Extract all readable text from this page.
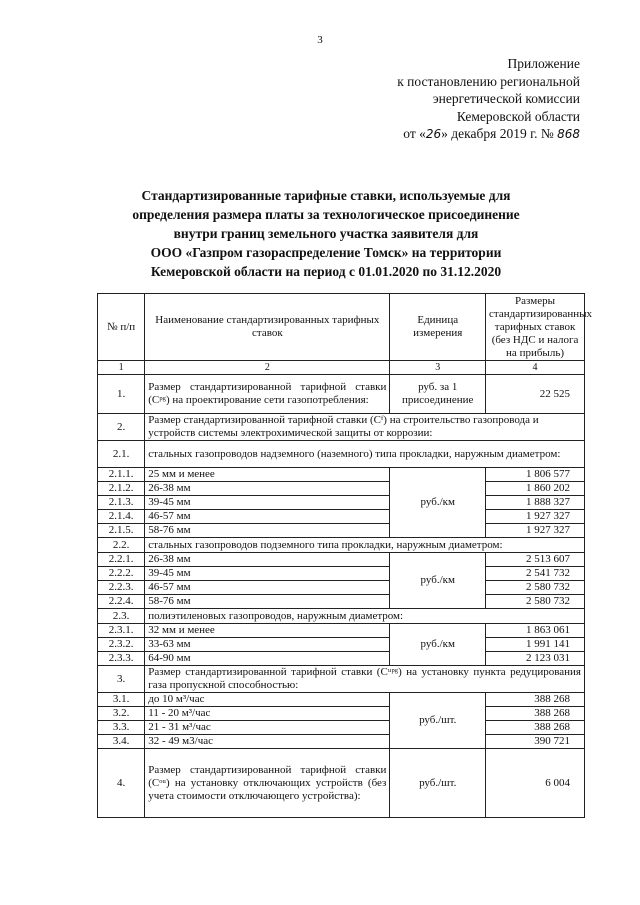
3
Приложение
к постановлению региональной
энергетической комиссии
Кемеровской области
от «26» декабря 2019 г. № 868
Стандартизированные тарифные ставки, используемые для
определения размера платы за технологическое присоединение
внутри границ земельного участка заявителя для
ООО «Газпром газораспределение Томск» на территории
Кемеровской области на период с 01.01.2020 по 31.12.2020
№ п/п	Наименование стандартизированных тарифных ставок	Единица измерения	Размеры стандартизированных тарифных ставок (без НДС и налога на прибыль)
1	2	3	4
1.	Размер стандартизированной тарифной ставки (Сᵖᵍ) на проектирование сети газопотребления:	руб. за 1 присоединение	22 525
2.	Размер стандартизированной тарифной ставки (Сᶠ) на строительство газопровода и устройств системы электрохимической защиты от коррозии:		
2.1.	стальных газопроводов надземного (наземного) типа прокладки, наружным диаметром:		
2.1.1.	25 мм и менее	руб./км	1 806 577
2.1.2.	26-38 мм		1 860 202
2.1.3.	39-45 мм		1 888 327
2.1.4.	46-57 мм		1 927 327
2.1.5.	58-76 мм		1 927 327
2.2.	стальных газопроводов подземного типа прокладки, наружным диаметром:		
2.2.1.	26-38 мм	руб./км	2 513 607
2.2.2.	39-45 мм		2 541 732
2.2.3.	46-57 мм		2 580 732
2.2.4.	58-76 мм		2 580 732
2.3.	полиэтиленовых газопроводов, наружным диаметром:		
2.3.1.	32 мм и менее	руб./км	1 863 061
2.3.2.	33-63 мм		1 991 141
2.3.3.	64-90 мм		2 123 031
3.	Размер стандартизированной тарифной ставки (Сᵘᵖᵍ) на установку пункта редуцирования газа пропускной способностью:		
3.1.	до 10 м³/час	руб./шт.	388 268
3.2.	11 - 20 м³/час		388 268
3.3.	21 - 31 м³/час		388 268
3.4.	32 - 49 м3/час		390 721
4.	Размер стандартизированной тарифной ставки (Сᵒᵘ) на установку отключающих устройств (без учета стоимости отключающего устройства):	руб./шт.	6 004
